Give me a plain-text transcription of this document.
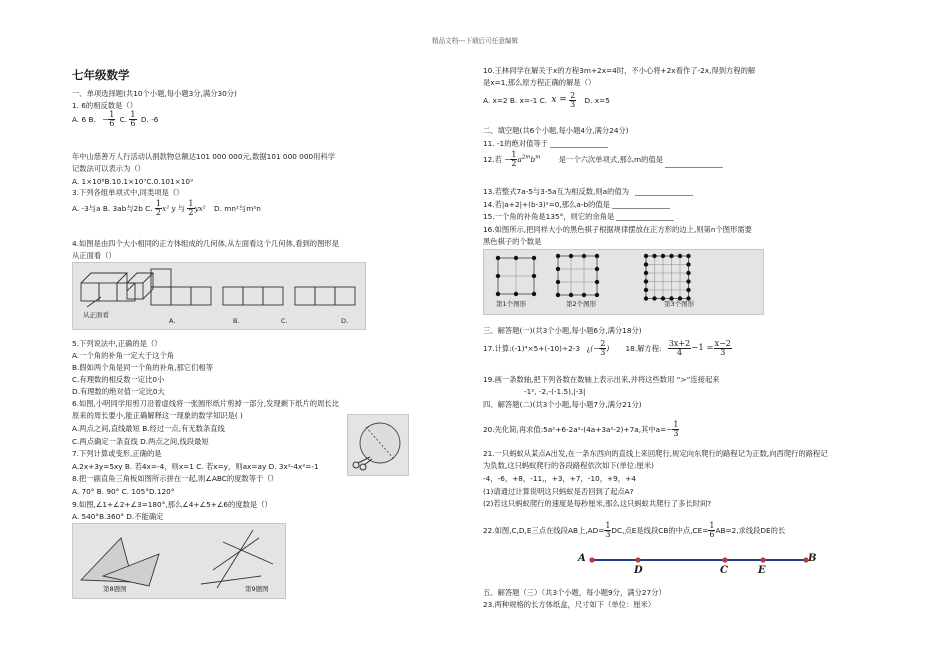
精品文档---下载后可任意编辑
七年级数学
一、单项选择题(共10个小题,每小题3分,满分30分)
1. 6的相反数是（）
A. 6 B. − $\frac{1}{6} C$. $\frac{1}{6} D$. -6
年中山慈善万人行活动认捐款物总额达101 000 000元,数据101 000 000用科学
记数法可以表示为（）
A. 1×10⁸B.10.1×10⁷C.0.101×10⁹
3.下列各组单项式中,同类项是（）
A. -3与a B. 3ab与2b C. $\frac{1}{2} x^2$ y 与 $\frac{1}{2} yx^2$ D. mn²与m²n
4.如图是由四个大小相同的正方体组成的几何体,从左面看这个几何体,看到的图形是
从正面看（）
从正面看
A.	B.	C.	D.
5.下列说法中,正确的是（）
A.一个角的补角一定大于这个角
B.假如两个角是同一个角的补角,那它们相等
C.有理数的相反数一定比0小
D.有理数的绝对值一定比0大
6.如图,小明同学用剪刀沿着虚线将一张圆形纸片剪掉一部分,发现剩下纸片的周长比
原来的周长要小,能正确解释这一现象的数学知识是( )
A.两点之间,直线最短 B.经过一点,有无数条直线
C.两点确定一条直线 D.两点之间,线段最短
7.下列计算或变形,正确的是
A.2x+3y=5xy B. 若4x=-4，则x=1 C. 若x=y，则ax=ay D. 3x²-4x²=-1
8.把一副直角三角板如图所示拼在一起,则∠ABC的度数等于（）
A. 70° B. 90° C. 105°D.120°
9.如图,∠1+∠2+∠3=180°,那么∠4+∠5+∠6的度数是（）
A. 540°B.360° D.不能确定
第8题图	第9题图
10.王林同学在解关于x的方程3m+2x=4时，不小心将+2x看作了-2x,得到方程的解
是x=1,那么原方程正确的解是（）
A. x=2 B. x=-1 C. $x = \frac{2}{3} D$. x=5
二、填空题(共6个小题,每小题4分,满分24分)
11. -1的绝对值等于
12.若 − $\frac{1}{2} a^{2m}b^m$	是一个六次单项式,那么m的值是
13.若整式7a-5与3-5a互为相反数,则a的值为
14.若|a+2|+(b-3)²=0,那么a-b的值是
15.一个角的补角是135°，则它的余角是
16.如图所示,把同样大小的黑色棋子根据规律摆放在正方形的边上,则第n个图形需要
黑色棋子的个数是
第1个图形	第2个图形	第3个图形
三、解答题(一)(共3个小题,每小题6分,满分18分)
17.计算:(-1)⁴×5+(-10)÷2-3 ¿(− $\frac{2}{3}$ ) 18.解方程: $\frac{3x+2}{4} -1 = \frac{x-2}{3}$
19.画一条数轴,把下列各数在数轴上表示出来,并将这些数用 “>”连接起来
-1², -2,-(-1.5),|-3|
四、解答题(二)(共3个小题,每小题7分,满分21分)
20.先化简,再求值:5a²+6-2a²-(4a+3a²-2)+7a,其中$a=- \frac{1}{3}$
21.一只蚂蚁从某点A出发,在一条东西向的直线上来回爬行,规定向东爬行的路程记为正数,向西爬行的路程记
为负数,这只蚂蚁爬行的各段路程依次如下(单位:厘米)
-4，-6，+8，-11,，+3，+7，-10，+9，+4
(1)请通过计算说明这只蚂蚁是否回到了起点A?
(2)若这只蚂蚁爬行的速度是每秒厘米,那么这只蚂蚁共爬行了多长时间?
22.如图,C,D,E三点在线段AB上$,AD= \frac{1}{3}$ DC,点E是线段CB的中点$,CE= \frac{1}{6} AB=2$,求线段DE的长
A
D	C	E
B
五、解答题（三）（共3个小题，每小题9分，满分27分）
23.两种规格的长方体纸盒，尺寸如下（单位：厘米）
